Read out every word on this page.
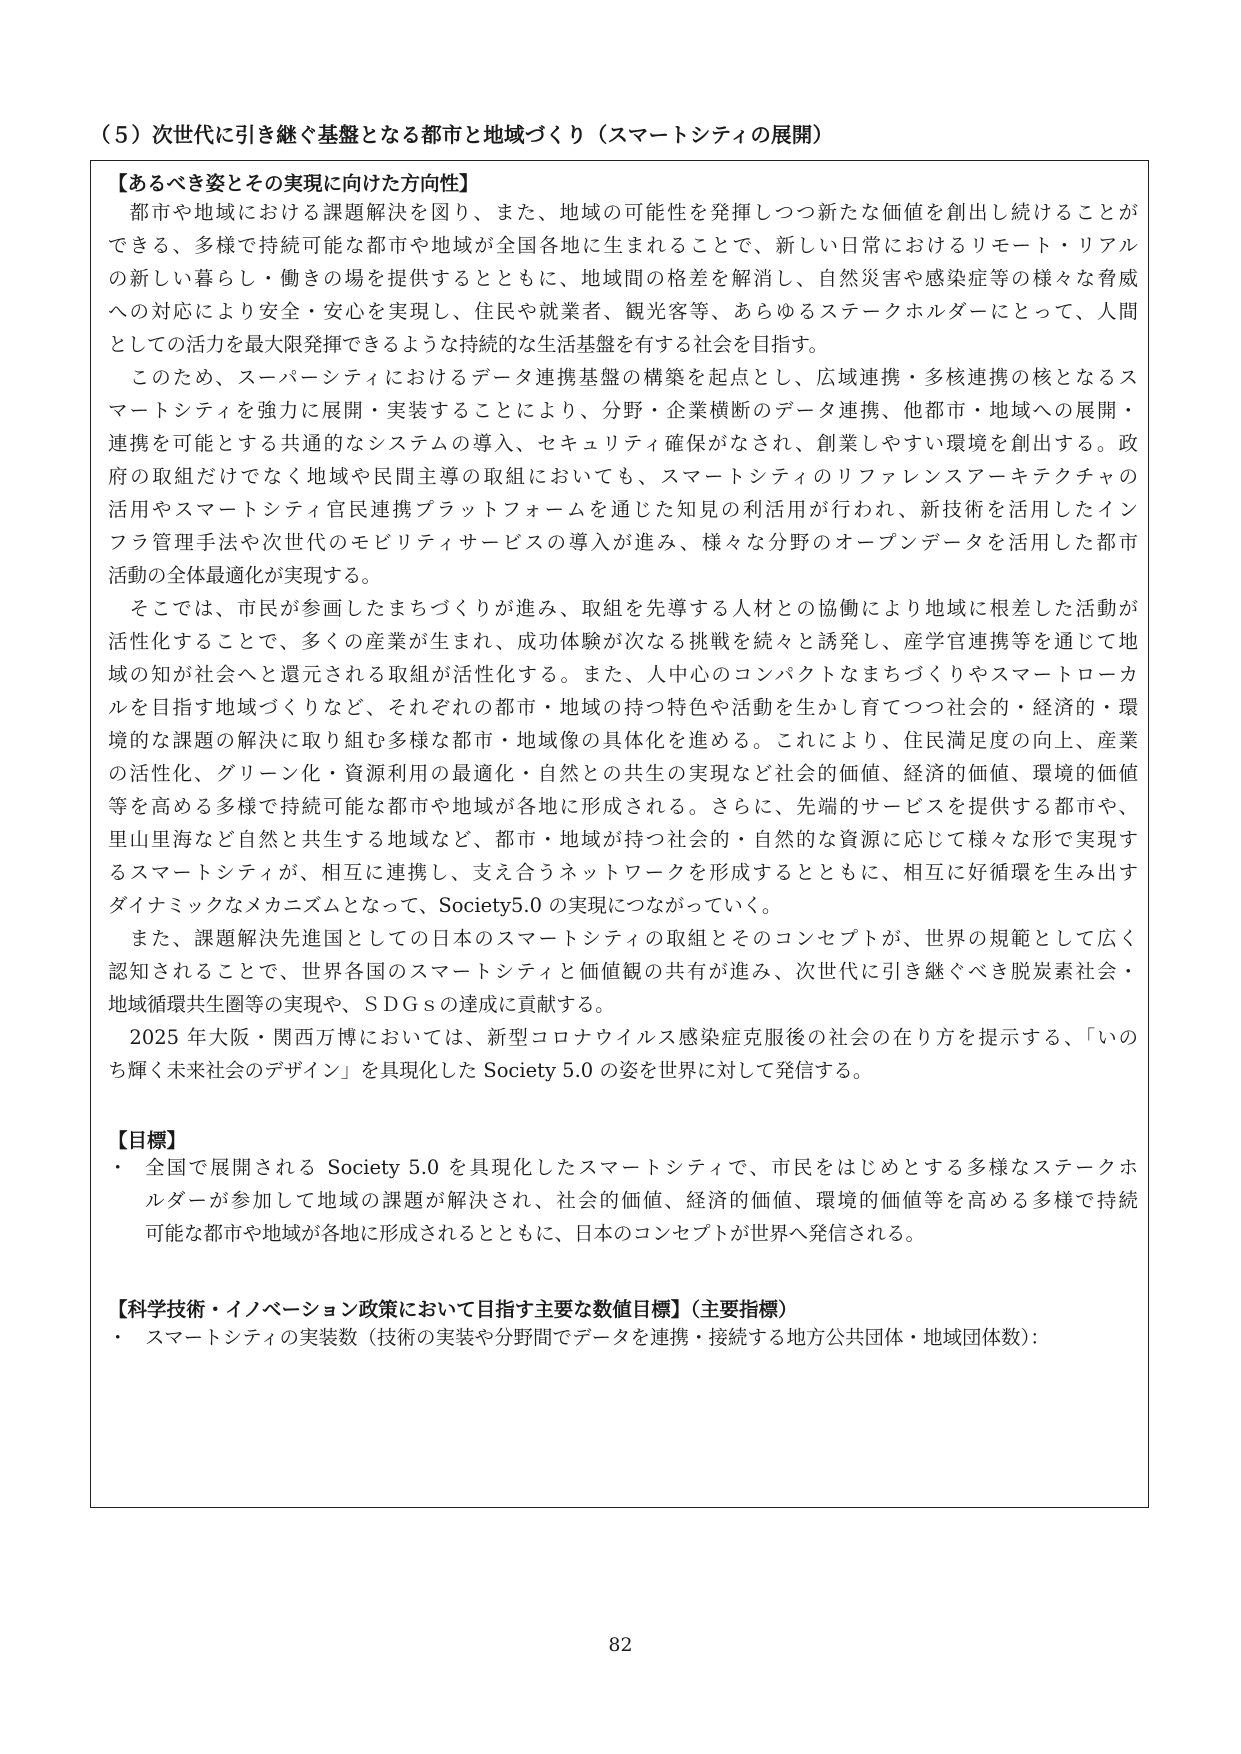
（５）次世代に引き継ぐ基盤となる都市と地域づくり（スマートシティの展開）
【あるべき姿とその実現に向けた方向性】
　都市や地域における課題解決を図り、また、地域の可能性を発揮しつつ新たな価値を創出し続けることが
できる、多様で持続可能な都市や地域が全国各地に生まれることで、新しい日常におけるリモート・リアル
の新しい暮らし・働きの場を提供するとともに、地域間の格差を解消し、自然災害や感染症等の様々な脅威
への対応により安全・安心を実現し、住民や就業者、観光客等、あらゆるステークホルダーにとって、人間
としての活力を最大限発揮できるような持続的な生活基盤を有する社会を目指す。
　このため、スーパーシティにおけるデータ連携基盤の構築を起点とし、広域連携・多核連携の核となるス
マートシティを強力に展開・実装することにより、分野・企業横断のデータ連携、他都市・地域への展開・
連携を可能とする共通的なシステムの導入、セキュリティ確保がなされ、創業しやすい環境を創出する。政
府の取組だけでなく地域や民間主導の取組においても、スマートシティのリファレンスアーキテクチャの
活用やスマートシティ官民連携プラットフォームを通じた知見の利活用が行われ、新技術を活用したイン
フラ管理手法や次世代のモビリティサービスの導入が進み、様々な分野のオープンデータを活用した都市
活動の全体最適化が実現する。
　そこでは、市民が参画したまちづくりが進み、取組を先導する人材との協働により地域に根差した活動が
活性化することで、多くの産業が生まれ、成功体験が次なる挑戦を続々と誘発し、産学官連携等を通じて地
域の知が社会へと還元される取組が活性化する。また、人中心のコンパクトなまちづくりやスマートローカ
ルを目指す地域づくりなど、それぞれの都市・地域の持つ特色や活動を生かし育てつつ社会的・経済的・環
境的な課題の解決に取り組む多様な都市・地域像の具体化を進める。これにより、住民満足度の向上、産業
の活性化、グリーン化・資源利用の最適化・自然との共生の実現など社会的価値、経済的価値、環境的価値
等を高める多様で持続可能な都市や地域が各地に形成される。さらに、先端的サービスを提供する都市や、
里山里海など自然と共生する地域など、都市・地域が持つ社会的・自然的な資源に応じて様々な形で実現す
るスマートシティが、相互に連携し、支え合うネットワークを形成するとともに、相互に好循環を生み出す
ダイナミックなメカニズムとなって、Society5.0 の実現につながっていく。
　また、課題解決先進国としての日本のスマートシティの取組とそのコンセプトが、世界の規範として広く
認知されることで、世界各国のスマートシティと価値観の共有が進み、次世代に引き継ぐべき脱炭素社会・
地域循環共生圏等の実現や、ＳＤＧｓの達成に貢献する。
　2025 年大阪・関西万博においては、新型コロナウイルス感染症克服後の社会の在り方を提示する、「いの
ち輝く未来社会のデザイン」を具現化した Society 5.0 の姿を世界に対して発信する。
【目標】
・ 全国で展開される Society 5.0 を具現化したスマートシティで、市民をはじめとする多様なステークホ
ルダーが参加して地域の課題が解決され、社会的価値、経済的価値、環境的価値等を高める多様で持続
可能な都市や地域が各地に形成されるとともに、日本のコンセプトが世界へ発信される。
【科学技術・イノベーション政策において目指す主要な数値目標】（主要指標）
・ スマートシティの実装数（技術の実装や分野間でデータを連携・接続する地方公共団体・地域団体数）：
82
